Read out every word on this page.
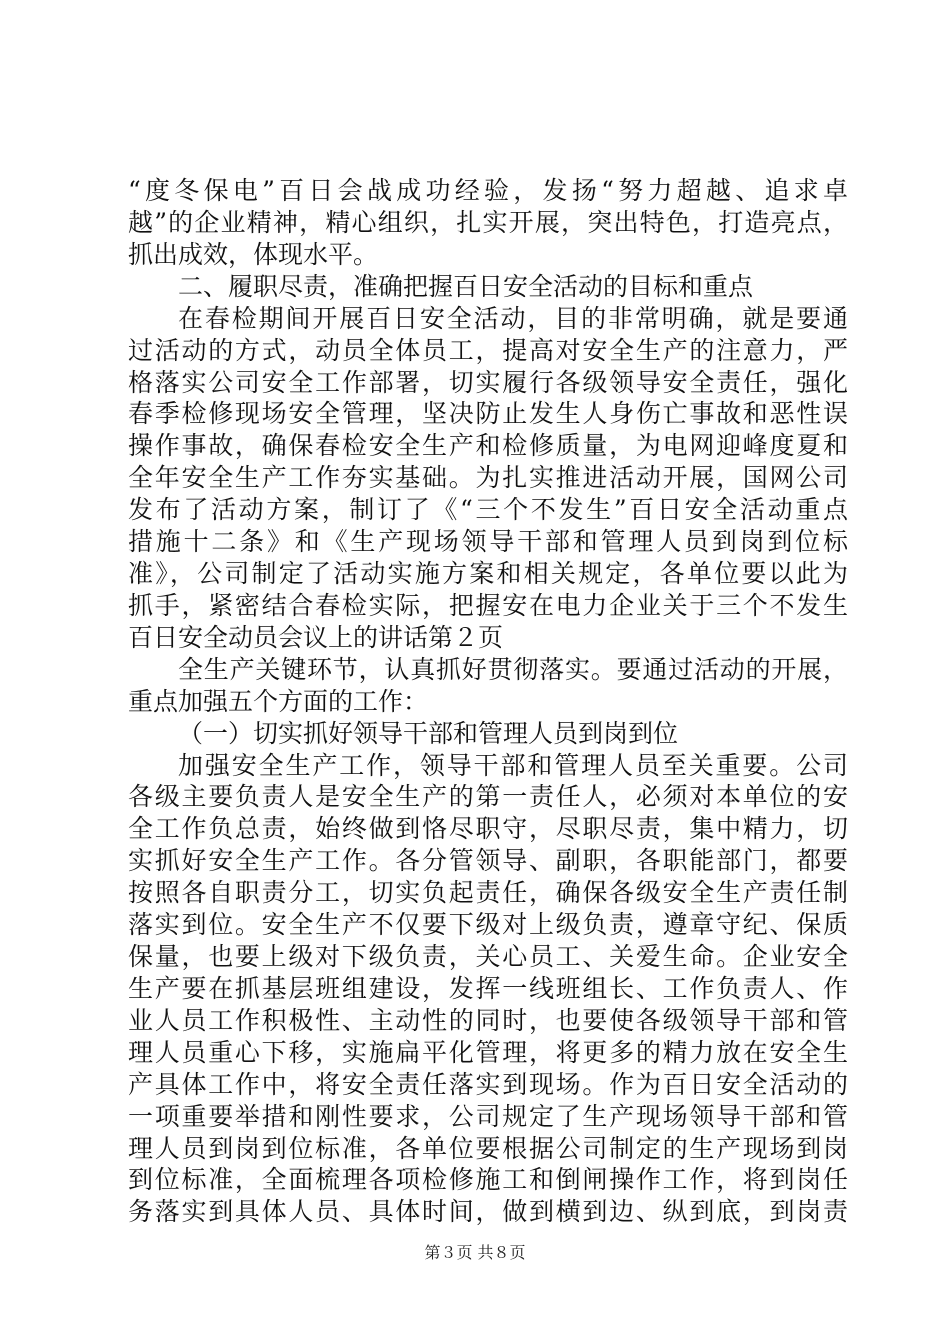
“度冬保电”百日会战成功经验，发扬“努力超越、追求卓
越”的企业精神，精心组织，扎实开展，突出特色，打造亮点，
抓出成效，体现水平。
二、履职尽责，准确把握百日安全活动的目标和重点
在春检期间开展百日安全活动，目的非常明确，就是要通
过活动的方式，动员全体员工，提高对安全生产的注意力，严
格落实公司安全工作部署，切实履行各级领导安全责任，强化
春季检修现场安全管理，坚决防止发生人身伤亡事故和恶性误
操作事故，确保春检安全生产和检修质量，为电网迎峰度夏和
全年安全生产工作夯实基础。为扎实推进活动开展，国网公司
发布了活动方案，制订了《“三个不发生”百日安全活动重点
措施十二条》和《生产现场领导干部和管理人员到岗到位标
准》，公司制定了活动实施方案和相关规定，各单位要以此为
抓手，紧密结合春检实际，把握安在电力企业关于三个不发生
百日安全动员会议上的讲话第２页
全生产关键环节，认真抓好贯彻落实。要通过活动的开展，
重点加强五个方面的工作：
（一）切实抓好领导干部和管理人员到岗到位
加强安全生产工作，领导干部和管理人员至关重要。公司
各级主要负责人是安全生产的第一责任人，必须对本单位的安
全工作负总责，始终做到恪尽职守，尽职尽责，集中精力，切
实抓好安全生产工作。各分管领导、副职，各职能部门，都要
按照各自职责分工，切实负起责任，确保各级安全生产责任制
落实到位。安全生产不仅要下级对上级负责，遵章守纪、保质
保量，也要上级对下级负责，关心员工、关爱生命。企业安全
生产要在抓基层班组建设，发挥一线班组长、工作负责人、作
业人员工作积极性、主动性的同时，也要使各级领导干部和管
理人员重心下移，实施扁平化管理，将更多的精力放在安全生
产具体工作中，将安全责任落实到现场。作为百日安全活动的
一项重要举措和刚性要求，公司规定了生产现场领导干部和管
理人员到岗到位标准，各单位要根据公司制定的生产现场到岗
到位标准，全面梳理各项检修施工和倒闸操作工作，将到岗任
务落实到具体人员、具体时间，做到横到边、纵到底，到岗责
第３页 共８页
